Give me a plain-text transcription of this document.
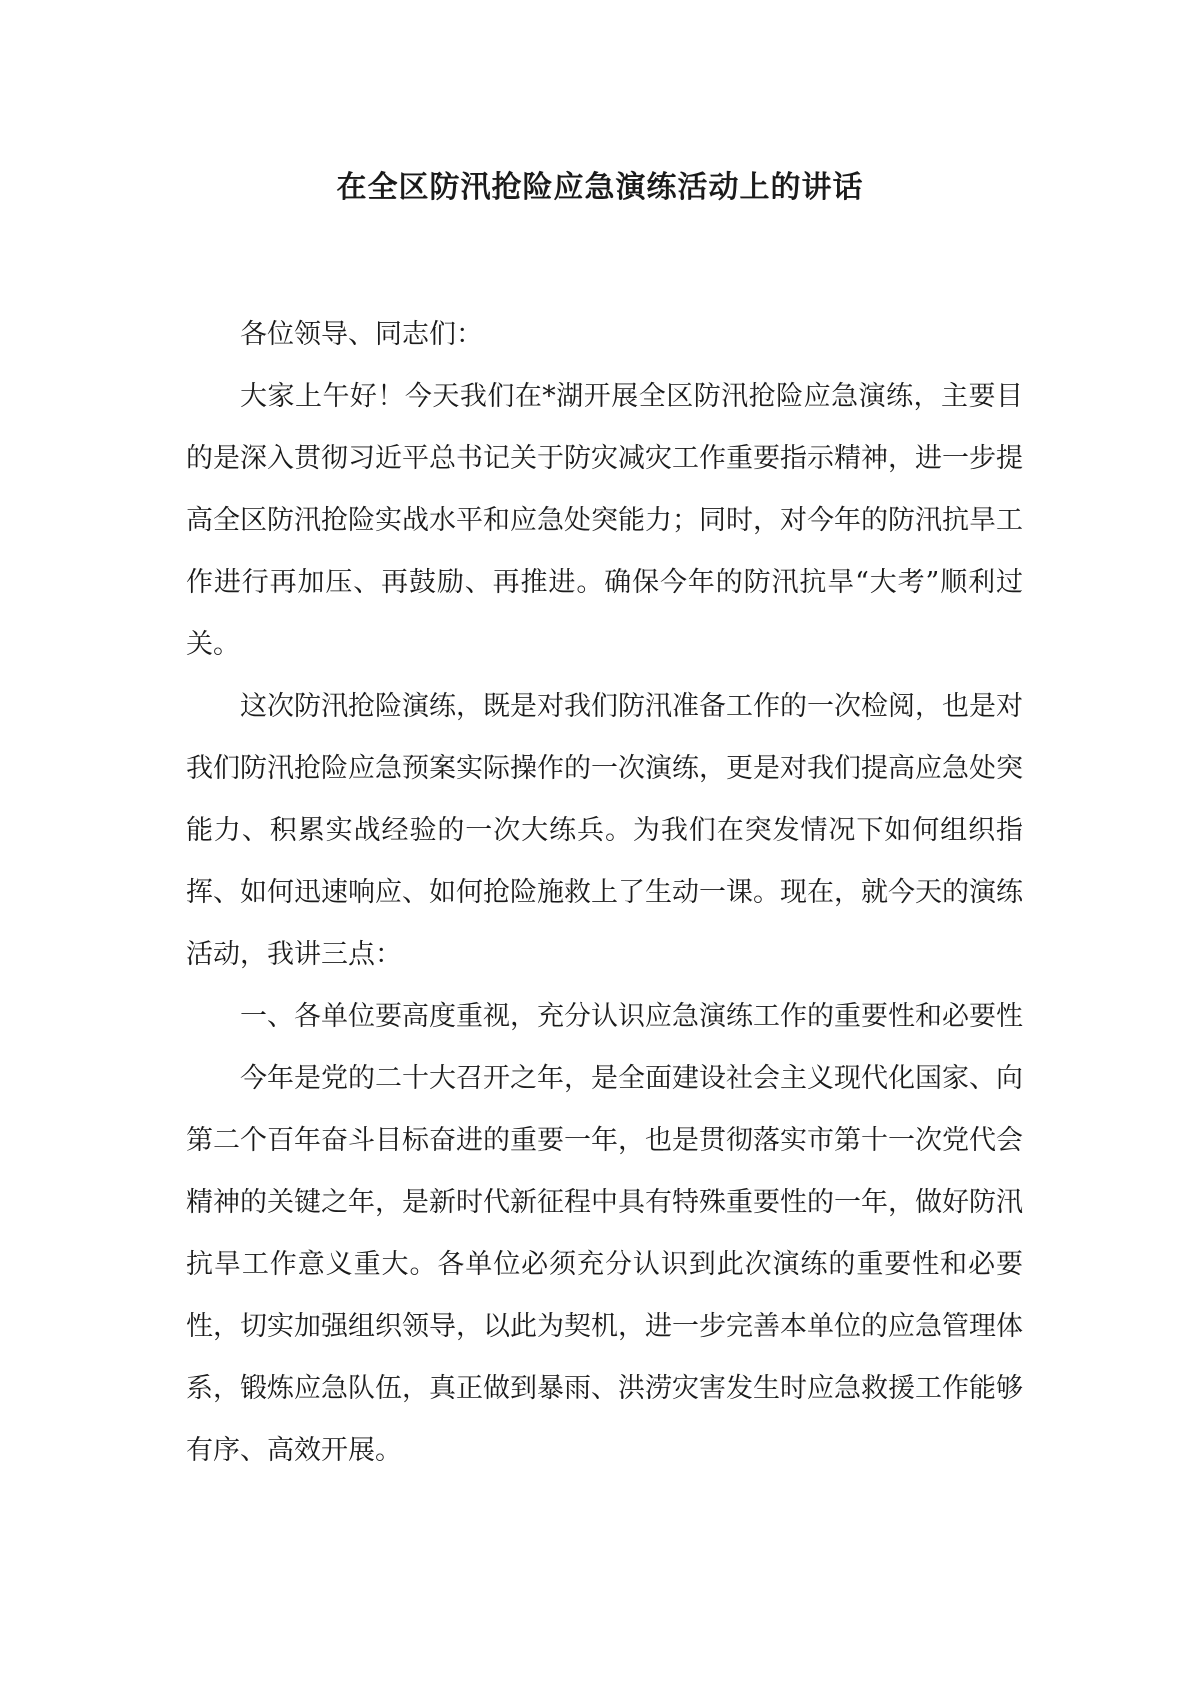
在全区防汛抢险应急演练活动上的讲话

各位领导、同志们：

大家上午好！今天我们在*湖开展全区防汛抢险应急演练，主要目的是深入贯彻习近平总书记关于防灾减灾工作重要指示精神，进一步提高全区防汛抢险实战水平和应急处突能力；同时，对今年的防汛抗旱工作进行再加压、再鼓励、再推进。确保今年的防汛抗旱“大考”顺利过关。

这次防汛抢险演练，既是对我们防汛准备工作的一次检阅，也是对我们防汛抢险应急预案实际操作的一次演练，更是对我们提高应急处突能力、积累实战经验的一次大练兵。为我们在突发情况下如何组织指挥、如何迅速响应、如何抢险施救上了生动一课。现在，就今天的演练活动，我讲三点：

一、各单位要高度重视，充分认识应急演练工作的重要性和必要性

今年是党的二十大召开之年，是全面建设社会主义现代化国家、向第二个百年奋斗目标奋进的重要一年，也是贯彻落实市第十一次党代会精神的关键之年，是新时代新征程中具有特殊重要性的一年，做好防汛抗旱工作意义重大。各单位必须充分认识到此次演练的重要性和必要性，切实加强组织领导，以此为契机，进一步完善本单位的应急管理体系，锻炼应急队伍，真正做到暴雨、洪涝灾害发生时应急救援工作能够有序、高效开展。
